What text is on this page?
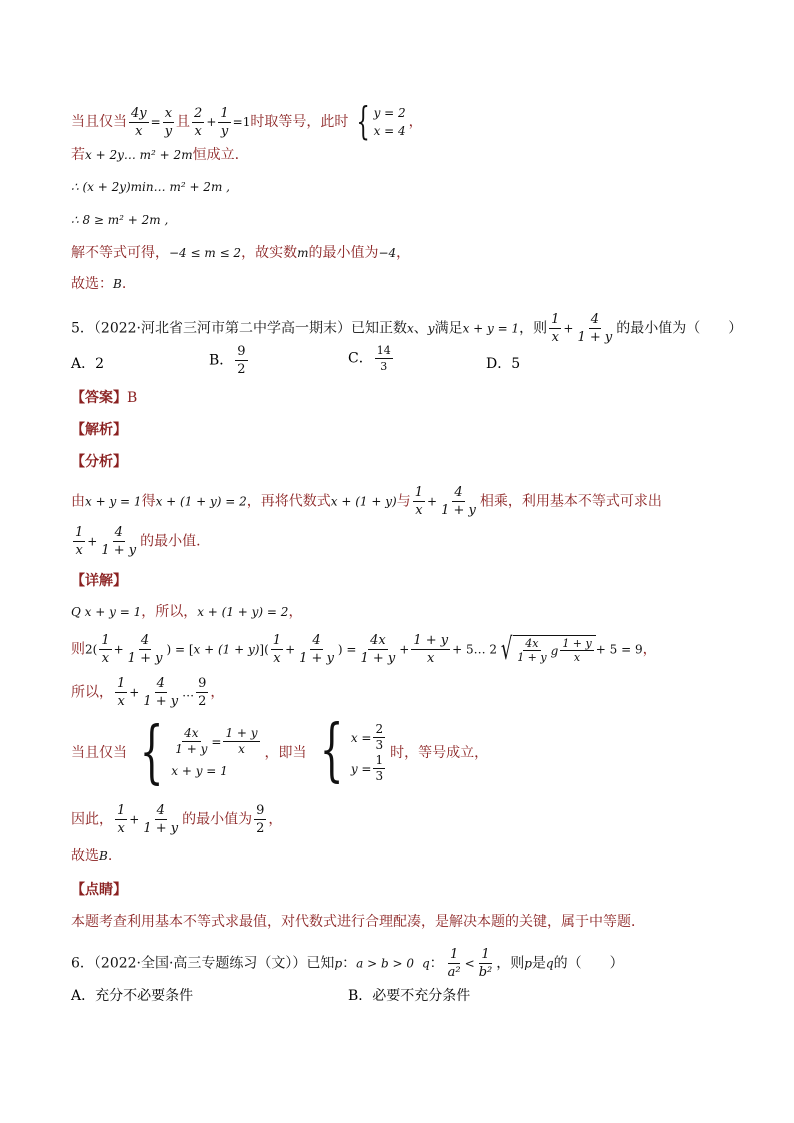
当且仅当 $\frac{4y}{x} = \frac{x}{y}$ 且 $\frac{2}{x} + \frac{1}{y} =1$时取等号，此时 { y = 2
x = 4
，
若x + 2y… m² + 2m恒成立.
∴ (x + 2y)min… m² + 2m ,
∴ 8 ≥ m² + 2m ,
解不等式可得，−4 ≤ m ≤ 2，故实数m的最小值为−4，
故选：B.
5．（2022·河北省三河市第二中学高一期末）已知正数x、y满足x + y = 1，则 $\frac{1}{x} + \frac{4}{1 + y}$ 的最小值为（　　）
A．2	B． $\frac{9}{2}$	C． $\frac{14}{3}$	D．5
【答案】B
【解析】
【分析】
由x + y = 1得x + (1 + y) = 2，再将代数式x + (1 + y)与 $\frac{1}{x} + \frac{4}{1 + y}$ 相乘，利用基本不等式可求出
$\frac{1}{x} + \frac{4}{1 + y}$ 的最小值.
【详解】
Q x + y = 1，所以，x + (1 + y) = 2，
则$2( \frac{1}{x} + \frac{4}{1 + y}$ ) = $[x + (1 + y)]( \frac{1}{x} + \frac{4}{1 + y}$ ) = $\frac{4x}{1 + y} + \frac{1 + y}{x}$ + 5… 2 √ $\frac{4x}{1 + y}$ g $\frac{1 + y}{x} + 5 = 9$，
所以， $\frac{1}{x} + \frac{4}{1 + y}$ … $\frac{9}{2}$ ，
当且仅当 { $\frac{4x}{1 + y} = \frac{1 + y}{x}$
x + y = 1
，即当 { $x = \frac{2}{3}$
$y = \frac{1}{3}$ 时，等号成立，
因此， $\frac{1}{x} + \frac{4}{1 + y}$ 的最小值为 $\frac{9}{2}$ ，
故选B.
【点睛】
本题考查利用基本不等式求最值，对代数式进行合理配凑，是解决本题的关键，属于中等题．
6．（2022·全国·高三专题练习（文））已知p：a > b > 0 q： $\frac{1}{\text{a²}} < \frac{1}{\text{b²}}$ ，则p是q的（　　）
A．充分不必要条件	B．必要不充分条件
